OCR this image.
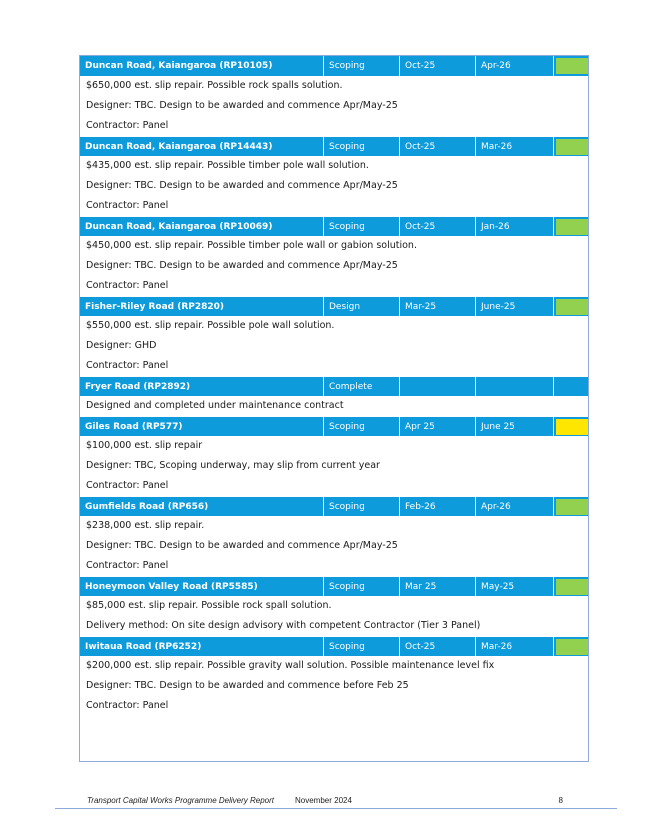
Duncan Road, Kaiangaroa (RP10105)	Scoping	Oct-25	Apr-26
$650,000 est. slip repair. Possible rock spalls solution.
Designer: TBC. Design to be awarded and commence Apr/May-25
Contractor: Panel
Duncan Road, Kaiangaroa (RP14443)	Scoping	Oct-25	Mar-26
$435,000 est. slip repair. Possible timber pole wall solution.
Designer: TBC. Design to be awarded and commence Apr/May-25
Contractor: Panel
Duncan Road, Kaiangaroa (RP10069)	Scoping	Oct-25	Jan-26
$450,000 est. slip repair. Possible timber pole wall or gabion solution.
Designer: TBC. Design to be awarded and commence Apr/May-25
Contractor: Panel
Fisher-Riley Road (RP2820)	Design	Mar-25	June-25
$550,000 est. slip repair. Possible pole wall solution.
Designer: GHD
Contractor: Panel
Fryer Road (RP2892)	Complete
Designed and completed under maintenance contract
Giles Road (RP577)	Scoping	Apr 25	June 25
$100,000 est. slip repair
Designer: TBC, Scoping underway, may slip from current year
Contractor: Panel
Gumfields Road (RP656)	Scoping	Feb-26	Apr-26
$238,000 est. slip repair.
Designer: TBC. Design to be awarded and commence Apr/May-25
Contractor: Panel
Honeymoon Valley Road (RP5585)	Scoping	Mar 25	May-25
$85,000 est. slip repair. Possible rock spall solution.
Delivery method: On site design advisory with competent Contractor (Tier 3 Panel)
Iwitaua Road (RP6252)	Scoping	Oct-25	Mar-26
$200,000 est. slip repair. Possible gravity wall solution. Possible maintenance level fix
Designer: TBC. Design to be awarded and commence before Feb 25
Contractor: Panel
Transport Capital Works Programme Delivery Report	November 2024	8
